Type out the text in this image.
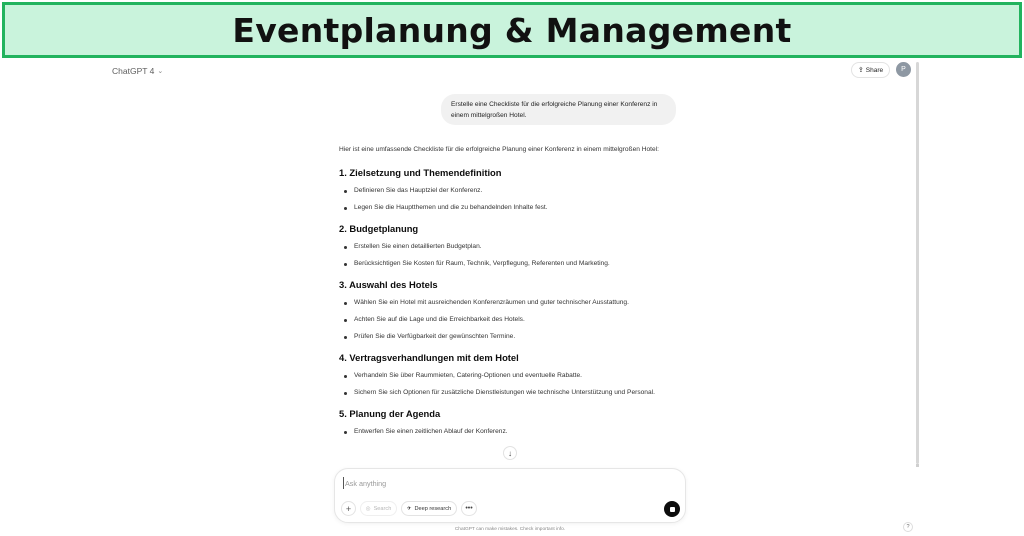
Eventplanung & Management
ChatGPT 4 ⌄	⇪ Share	P
Erstelle eine Checkliste für die erfolgreiche Planung einer Konferenz in einem mittelgroßen Hotel.

Hier ist eine umfassende Checkliste für die erfolgreiche Planung einer Konferenz in einem mittelgroßen Hotel:

1. Zielsetzung und Themendefinition
Definieren Sie das Hauptziel der Konferenz.
Legen Sie die Hauptthemen und die zu behandelnden Inhalte fest.
2. Budgetplanung
Erstellen Sie einen detaillierten Budgetplan.
Berücksichtigen Sie Kosten für Raum, Technik, Verpflegung, Referenten und Marketing.
3. Auswahl des Hotels
Wählen Sie ein Hotel mit ausreichenden Konferenzräumen und guter technischer Ausstattung.
Achten Sie auf die Lage und die Erreichbarkeit des Hotels.
Prüfen Sie die Verfügbarkeit der gewünschten Termine.
4. Vertragsverhandlungen mit dem Hotel
Verhandeln Sie über Raummieten, Catering-Optionen und eventuelle Rabatte.
Sichern Sie sich Optionen für zusätzliche Dienstleistungen wie technische Unterstützung und Personal.
5. Planung der Agenda
Entwerfen Sie einen zeitlichen Ablauf der Konferenz.
↓
Ask anything
+	◎ Search	✈ Deep research •••
ChatGPT can make mistakes. Check important info.	?
